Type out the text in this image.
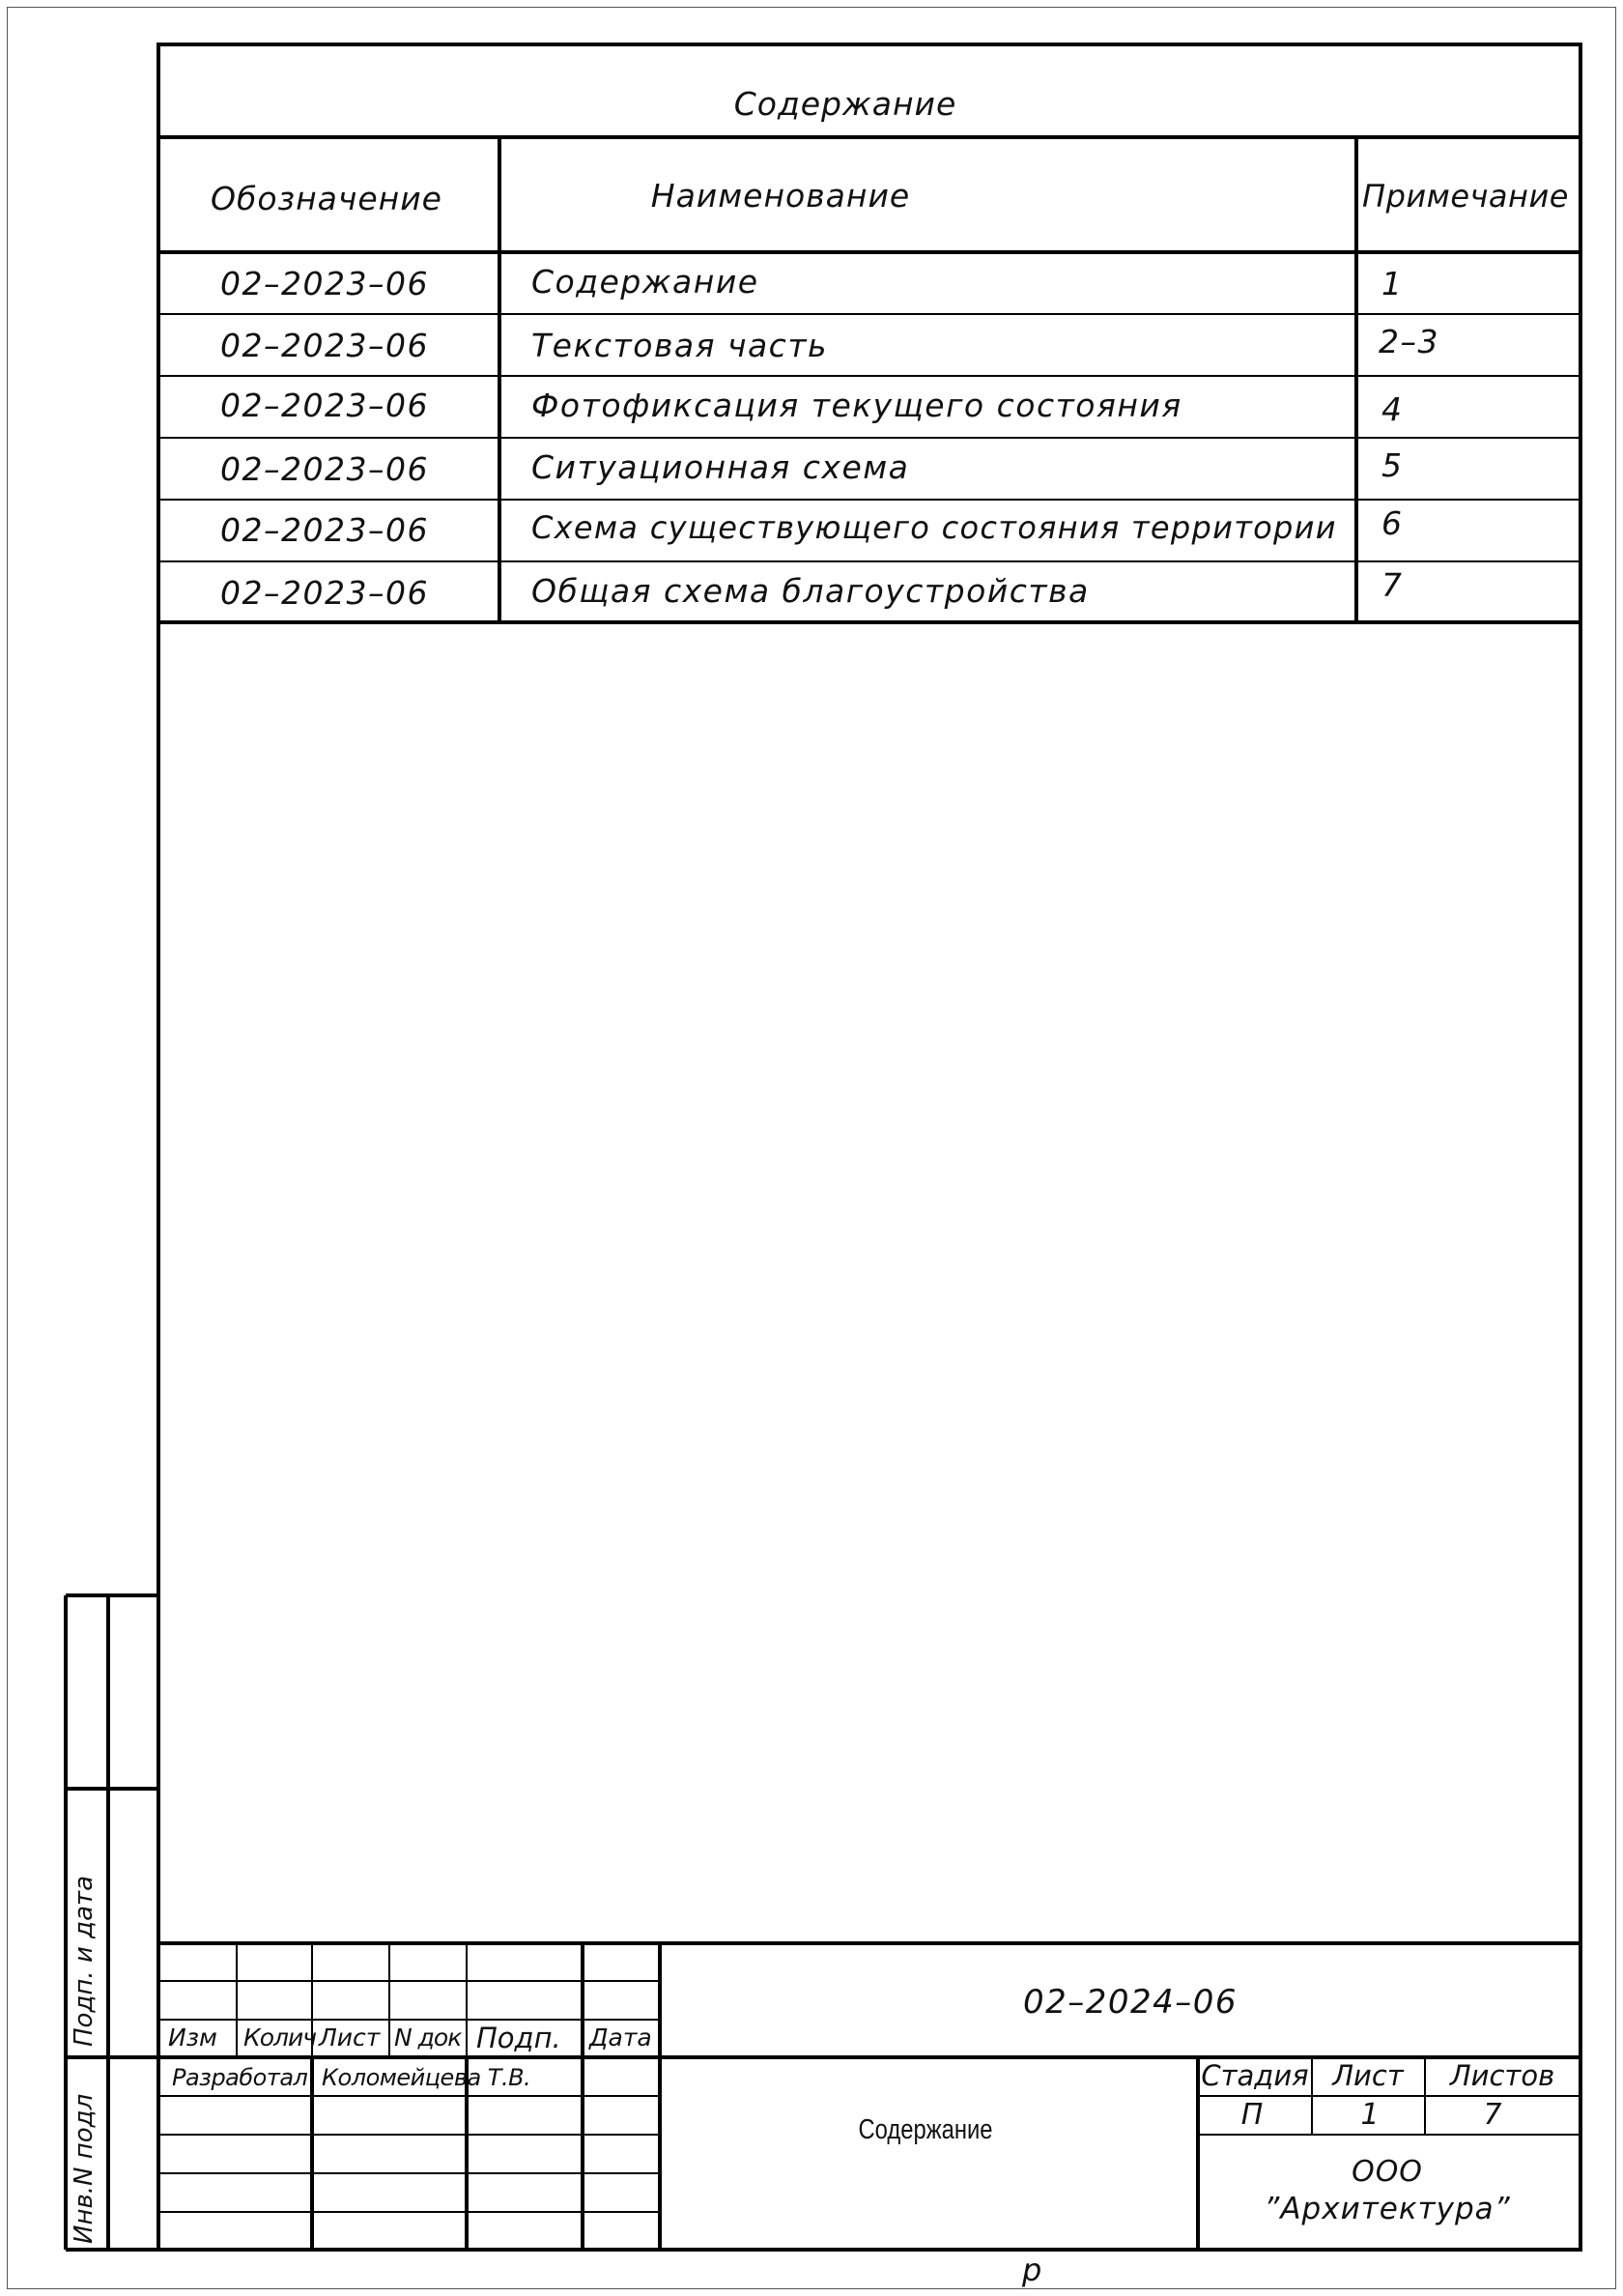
Содержание
Обозначение	Наименование	Примечание
02–2023–06	Содержание	1
02–2023–06	Текстовая часть	2–3
02–2023–06	Фотофиксация текущего состояния	4
02–2023–06	Ситуационная схема	5
02–2023–06	Схема существующего состояния территории 6
02–2023–06	Общая схема благоустройства	7
Подп. и дата
Инв.N подл
02–2024–06
Изм Колич Лист N док Подп. Дата
Разработал Коломейцева Т.В.
Содержание
Стадия Лист Листов
П	1	7
ООО
”Архитектура”
р
